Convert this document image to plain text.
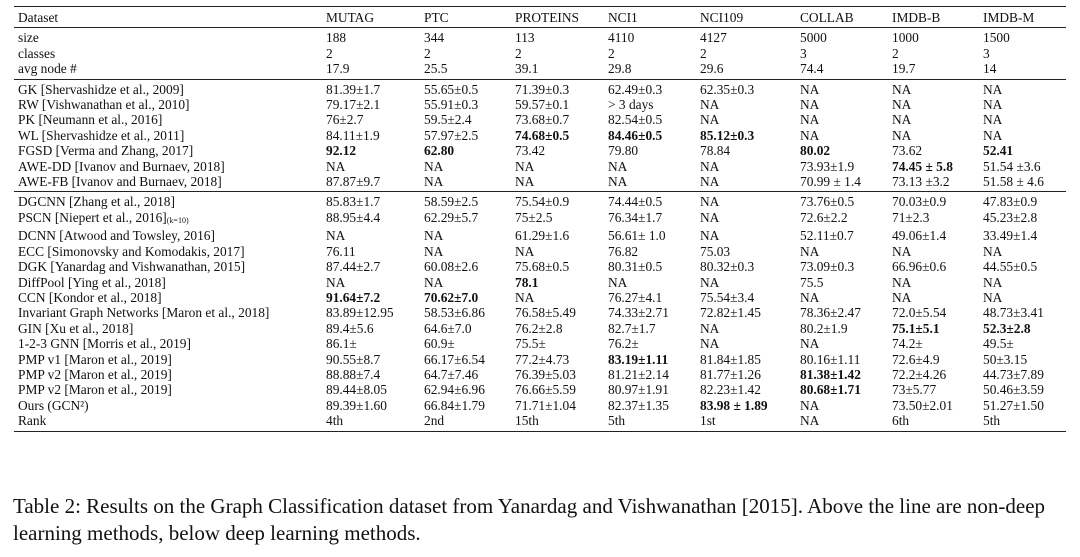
Dataset	MUTAG	PTC	PROTEINS	NCI1	NCI109	COLLAB	IMDB-B	IMDB-M
size	188	344	113	4110	4127	5000	1000	1500
classes	2	2	2	2	2	3	2	3
avg node #	17.9	25.5	39.1	29.8	29.6	74.4	19.7	14
GK [Shervashidze et al., 2009]	81.39±1.7	55.65±0.5	71.39±0.3	62.49±0.3	62.35±0.3	NA	NA	NA
RW [Vishwanathan et al., 2010]	79.17±2.1	55.91±0.3	59.57±0.1	> 3 days	NA	NA	NA	NA
PK [Neumann et al., 2016]	76±2.7	59.5±2.4	73.68±0.7	82.54±0.5	NA	NA	NA	NA
WL [Shervashidze et al., 2011]	84.11±1.9	57.97±2.5	74.68±0.5	84.46±0.5	85.12±0.3	NA	NA	NA
FGSD [Verma and Zhang, 2017]	92.12	62.80	73.42	79.80	78.84	80.02	73.62	52.41
AWE-DD [Ivanov and Burnaev, 2018]	NA	NA	NA	NA	NA	73.93±1.9	74.45 ± 5.8	51.54 ±3.6
AWE-FB [Ivanov and Burnaev, 2018]	87.87±9.7	NA	NA	NA	NA	70.99 ± 1.4	73.13 ±3.2	51.58 ± 4.6
DGCNN [Zhang et al., 2018]	85.83±1.7	58.59±2.5	75.54±0.9	74.44±0.5	NA	73.76±0.5	70.03±0.9	47.83±0.9
PSCN [Niepert et al., 2016](k=10)	88.95±4.4	62.29±5.7	75±2.5	76.34±1.7	NA	72.6±2.2	71±2.3	45.23±2.8
DCNN [Atwood and Towsley, 2016]	NA	NA	61.29±1.6	56.61± 1.0	NA	52.11±0.7	49.06±1.4	33.49±1.4
ECC [Simonovsky and Komodakis, 2017]	76.11	NA	NA	76.82	75.03	NA	NA	NA
DGK [Yanardag and Vishwanathan, 2015]	87.44±2.7	60.08±2.6	75.68±0.5	80.31±0.5	80.32±0.3	73.09±0.3	66.96±0.6	44.55±0.5
DiffPool [Ying et al., 2018]	NA	NA	78.1	NA	NA	75.5	NA	NA
CCN [Kondor et al., 2018]	91.64±7.2	70.62±7.0	NA	76.27±4.1	75.54±3.4	NA	NA	NA
Invariant Graph Networks [Maron et al., 2018]	83.89±12.95	58.53±6.86	76.58±5.49	74.33±2.71	72.82±1.45	78.36±2.47	72.0±5.54	48.73±3.41
GIN [Xu et al., 2018]	89.4±5.6	64.6±7.0	76.2±2.8	82.7±1.7	NA	80.2±1.9	75.1±5.1	52.3±2.8
1-2-3 GNN [Morris et al., 2019]	86.1±	60.9±	75.5±	76.2±	NA	NA	74.2±	49.5±
PMP v1 [Maron et al., 2019]	90.55±8.7	66.17±6.54	77.2±4.73	83.19±1.11	81.84±1.85	80.16±1.11	72.6±4.9	50±3.15
PMP v2 [Maron et al., 2019]	88.88±7.4	64.7±7.46	76.39±5.03	81.21±2.14	81.77±1.26	81.38±1.42	72.2±4.26	44.73±7.89
PMP v2 [Maron et al., 2019]	89.44±8.05	62.94±6.96	76.66±5.59	80.97±1.91	82.23±1.42	80.68±1.71	73±5.77	50.46±3.59
Ours (GCN²)	89.39±1.60	66.84±1.79	71.71±1.04	82.37±1.35	83.98 ± 1.89	NA	73.50±2.01	51.27±1.50
Rank	4th	2nd	15th	5th	1st	NA	6th	5th
Table 2: Results on the Graph Classification dataset from Yanardag and Vishwanathan [2015]. Above the line are non-deep learning methods, below deep learning methods.
